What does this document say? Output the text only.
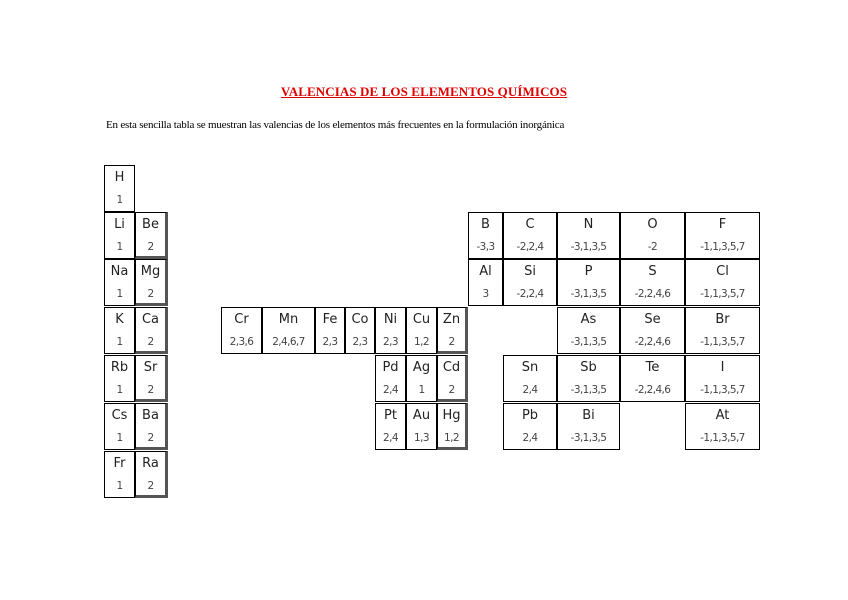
VALENCIAS DE LOS ELEMENTOS QUÍMICOS
En esta sencilla tabla se muestran las valencias de los elementos más frecuentes en la formulación inorgánica
H
1
Li
1
Be
2
Na
1
Mg
2
K
1
Ca
2
Rb
1
Sr
2
Cs
1
Ba
2
Fr
1
Ra
2
Cr
2,3,6
Mn
2,4,6,7
Fe
2,3
Co
2,3
Ni
2,3
Cu
1,2
Zn
2
Pd
2,4
Ag
1
Cd
2
Pt
2,4
Au
1,3
Hg
1,2
B
-3,3
C
-2,2,4
N
-3,1,3,5
O
-2
F
-1,1,3,5,7
Al
3
Si
-2,2,4
P
-3,1,3,5
S
-2,2,4,6
Cl
-1,1,3,5,7
As
-3,1,3,5
Se
-2,2,4,6
Br
-1,1,3,5,7
Sn
2,4
Sb
-3,1,3,5
Te
-2,2,4,6
I
-1,1,3,5,7
Pb
2,4
Bi
-3,1,3,5
At
-1,1,3,5,7
